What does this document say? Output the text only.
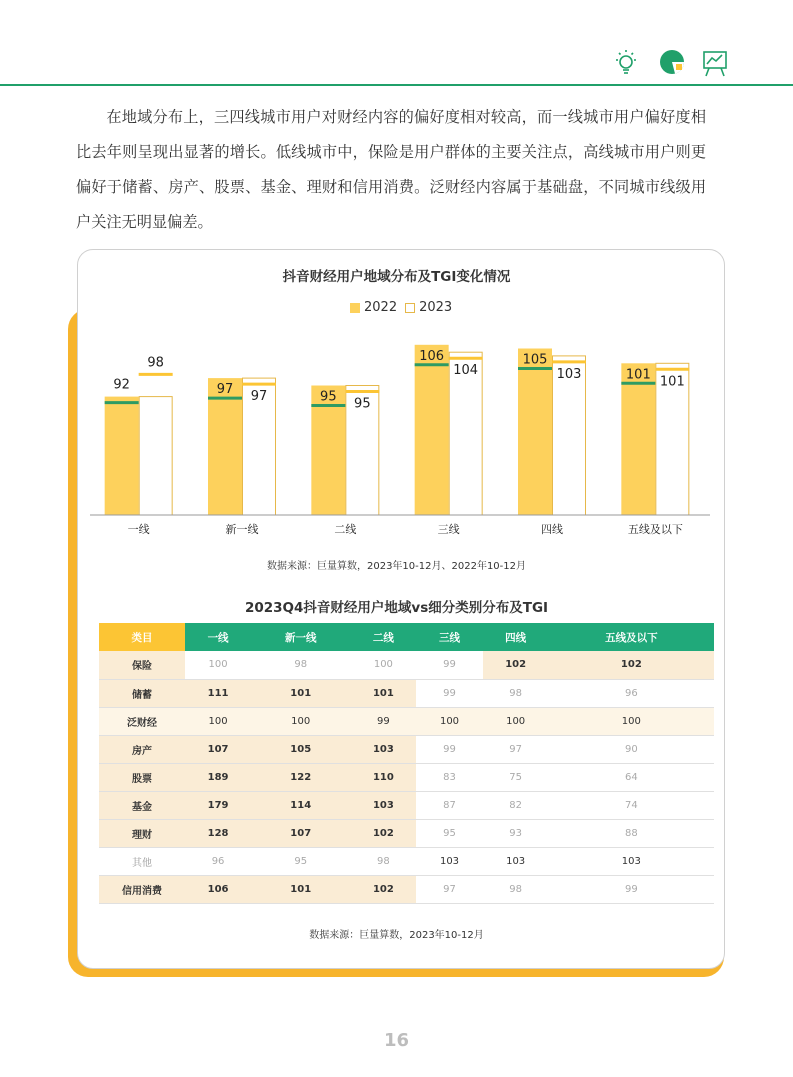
在地域分布上，三四线城市用户对财经内容的偏好度相对较高，而一线城市用户偏好度相比去年则呈现出显著的增长。低线城市中，保险是用户群体的主要关注点，高线城市用户则更偏好于储蓄、房产、股票、基金、理财和信用消费。泛财经内容属于基础盘，不同城市线级用户关注无明显偏差。

抖音财经用户地域分布及TGI变化情况
2022 2023
92
98
一线
97 97
新一线
95 95
二线
106
104
三线
105
103
四线
101 101
五线及以下
数据来源：巨量算数，2023年10-12月、2022年10-12月
2023Q4抖音财经用户地域vs细分类别分布及TGI
类目	一线	新一线	二线	三线	四线	五线及以下
保险	100	98	100	99	102	102
储蓄	111	101	101	99	98	96
泛财经	100	100	99	100	100	100
房产	107	105	103	99	97	90
股票	189	122	110	83	75	64
基金	179	114	103	87	82	74
理财	128	107	102	95	93	88
其他	96	95	98	103	103	103
信用消费	106	101	102	97	98	99
数据来源：巨量算数，2023年10-12月
16
